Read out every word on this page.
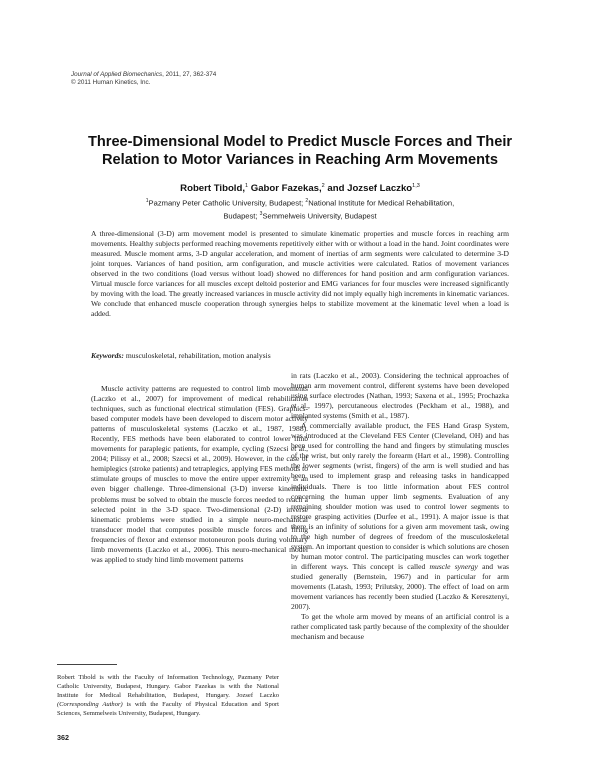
Journal of Applied Biomechanics, 2011, 27, 362-374
© 2011 Human Kinetics, Inc.
Three-Dimensional Model to Predict Muscle Forces and Their
Relation to Motor Variances in Reaching Arm Movements
Robert Tibold,$^1$ Gabor Fazekas,$^2$ and Jozsef Laczko$^{1,3}$
$^1$Pazmany Peter Catholic University, Budapest; $^2$National Institute for Medical Rehabilitation,
Budapest; $^3$Semmelweis University, Budapest
A three-dimensional (3-D) arm movement model is presented to simulate kinematic properties and muscle forces in reaching arm movements. Healthy subjects performed reaching movements repetitively either with or without a load in the hand. Joint coordinates were measured. Muscle moment arms, 3-D angular acceleration, and moment of inertias of arm segments were calculated to determine 3-D joint torques. Variances of hand position, arm configuration, and muscle activities were calculated. Ratios of movement variances observed in the two conditions (load versus without load) showed no differences for hand position and arm configuration variances. Virtual muscle force variances for all muscles except deltoid posterior and EMG variances for four muscles were increased significantly by moving with the load. The greatly increased variances in muscle activity did not imply equally high increments in kinematic variances. We conclude that enhanced muscle cooperation through synergies helps to stabilize movement at the kinematic level when a load is added.
Keywords: musculoskeletal, rehabilitation, motion analysis

Muscle activity patterns are requested to control limb movements (Laczko et al., 2007) for improvement of medical rehabilitation techniques, such as functional electrical stimulation (FES). Graphics-based computer models have been developed to discern motor activity patterns of musculoskeletal systems (Laczko et al., 1987, 1988). Recently, FES methods have been elaborated to control lower limb movements for paraplegic patients, for example, cycling (Szecsi et al., 2004; Pilissy et al., 2008; Szecsi et al., 2009). However, in the case of hemiplegics (stroke patients) and tetraplegics, applying FES methods to stimulate groups of muscles to move the entire upper extremity is an even bigger challenge. Three-dimensional (3-D) inverse kinematic problems must be solved to obtain the muscle forces needed to reach a selected point in the 3-D space. Two-dimensional (2-D) inverse kinematic problems were studied in a simple neuro-mechanical transducer model that computes possible muscle forces and firing frequencies of flexor and extensor motoneuron pools during voluntary limb movements (Laczko et al., 2006). This neuro-mechanical model was applied to study hind limb movement patterns

in rats (Laczko et al., 2003). Considering the technical approaches of human arm movement control, different systems have been developed using surface electrodes (Nathan, 1993; Saxena et al., 1995; Prochazka et al., 1997), percutaneous electrodes (Peckham et al., 1988), and implanted systems (Smith et al., 1987).

A commercially available product, the FES Hand Grasp System, was introduced at the Cleveland FES Center (Cleveland, OH) and has been used for controlling the hand and fingers by stimulating muscles of the wrist, but only rarely the forearm (Hart et al., 1998). Controlling the lower segments (wrist, fingers) of the arm is well studied and has been used to implement grasp and releasing tasks in handicapped individuals. There is too little information about FES control concerning the human upper limb segments. Evaluation of any remaining shoulder motion was used to control lower segments to restore grasping activities (Durfee et al., 1991). A major issue is that there is an infinity of solutions for a given arm movement task, owing to the high number of degrees of freedom of the musculoskeletal system. An important question to consider is which solutions are chosen by human motor control. The participating muscles can work together in different ways. This concept is called muscle synergy and was studied generally (Bernstein, 1967) and in particular for arm movements (Latash, 1993; Prilutsky, 2000). The effect of load on arm movement variances has recently been studied (Laczko & Keresztenyi, 2007).

To get the whole arm moved by means of an artificial control is a rather complicated task partly because of the complexity of the shoulder mechanism and because

Robert Tibold is with the Faculty of Information Technology, Pazmany Peter Catholic University, Budapest, Hungary. Gabor Fazekas is with the National Institute for Medical Rehabilitation, Budapest, Hungary. Jozsef Laczko (Corresponding Author) is with the Faculty of Physical Education and Sport Sciences, Semmelweis University, Budapest, Hungary.
362
